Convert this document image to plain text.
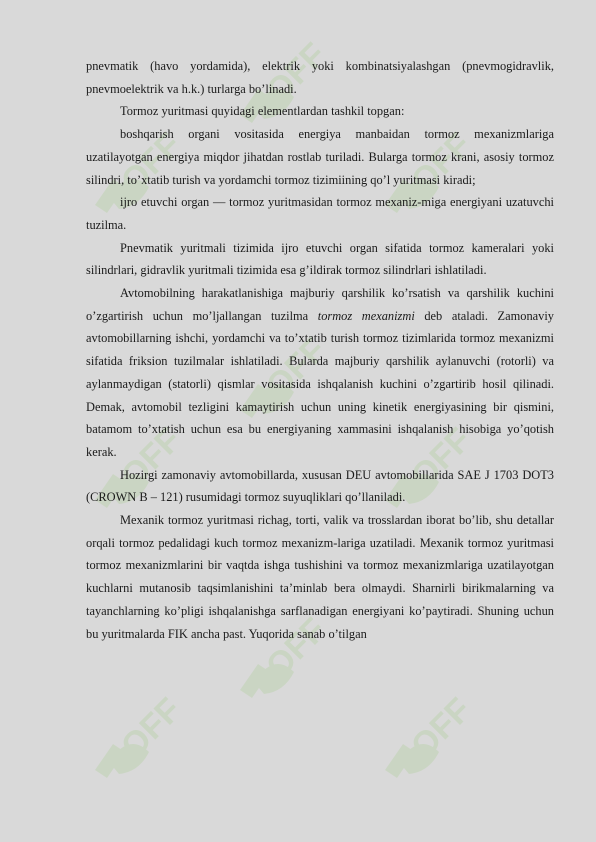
pnevmatik (havo yordamida), elektrik yoki kombinatsiyalashgan (pnevmogidravlik, pnevmoelektrik va h.k.) turlarga bo’linadi.

Tormoz yuritmasi quyidagi elementlardan tashkil topgan:

boshqarish organi vositasida energiya manbaidan tormoz mexanizmlariga uzatilayotgan energiya miqdor jihatdan rostlab turiladi. Bularga tormoz krani, asosiy tormoz silindri, to’xtatib turish va yordamchi tormoz tizimiining qo’l yuritmasi kiradi;

ijro etuvchi organ — tormoz yuritmasidan tormoz mexaniz-miga energiyani uzatuvchi tuzilma.

Pnevmatik yuritmali tizimida ijro etuvchi organ sifatida tormoz kameralari yoki silindrlari, gidravlik yuritmali tizimida esa g’ildirak tormoz silindrlari ishlatiladi.

Avtomobilning harakatlanishiga majburiy qarshilik ko’rsatish va qarshilik kuchini o’zgartirish uchun mo’ljallangan tuzilma tormoz mexanizmi deb ataladi. Zamonaviy avtomobillarning ishchi, yordamchi va to’xtatib turish tormoz tizimlarida tormoz mexanizmi sifatida friksion tuzilmalar ishlatiladi. Bularda majburiy qarshilik aylanuvchi (rotorli) va aylanmaydigan (statorli) qismlar vositasida ishqalanish kuchini o’zgartirib hosil qilinadi. Demak, avtomobil tezligini kamaytirish uchun uning kinetik energiyasining bir qismini, batamom to’xtatish uchun esa bu energiyaning xammasini ishqalanish hisobiga yo’qotish kerak.

Hozirgi zamonaviy avtomobillarda, xususan DEU avtomobillarida SAE J 1703 DOT3 (CROWN B – 121) rusumidagi tormoz suyuqliklari qo’llaniladi.

Mexanik tormoz yuritmasi richag, torti, valik va trosslardan iborat bo’lib, shu detallar orqali tormoz pedalidagi kuch tormoz mexanizm-lariga uzatiladi. Mexanik tormoz yuritmasi tormoz mexanizmlarini bir vaqtda ishga tushishini va tormoz mexanizmlariga uzatilayotgan kuchlarni mutanosib taqsimlanishini ta’minlab bera olmaydi. Sharnirli birikmalarning va tayanchlarning ko’pligi ishqalanishga sarflanadigan energiyani ko’paytiradi. Shuning uchun bu yuritmalarda FIK ancha past. Yuqorida sanab o’tilgan
